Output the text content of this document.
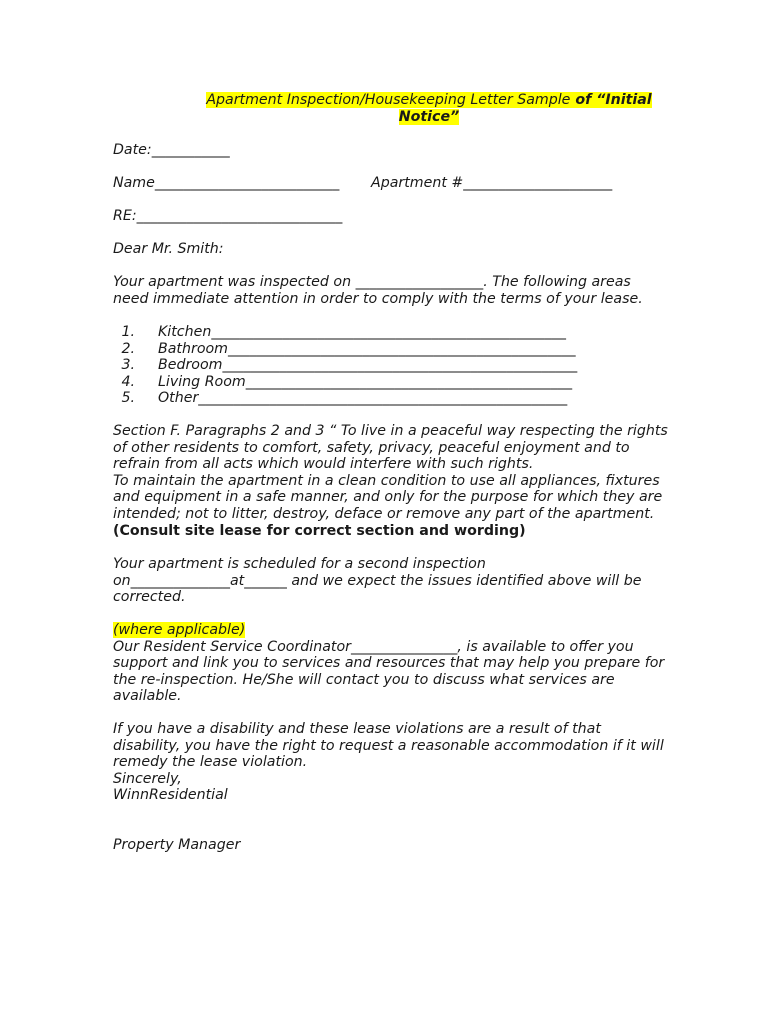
Apartment Inspection/Housekeeping Letter Sample of “Initial
Notice”
Date:___________
Name__________________________ Apartment #_____________________
RE:_____________________________
Dear Mr. Smith:
Your apartment was inspected on __________________. The following areas
need immediate attention in order to comply with the terms of your lease.
1. Kitchen__________________________________________________
2. Bathroom_________________________________________________
3. Bedroom__________________________________________________
4. Living Room______________________________________________
5. Other____________________________________________________
Section F. Paragraphs 2 and 3 “ To live in a peaceful way respecting the rights
of other residents to comfort, safety, privacy, peaceful enjoyment and to
refrain from all acts which would interfere with such rights.
To maintain the apartment in a clean condition to use all appliances, fixtures
and equipment in a safe manner, and only for the purpose for which they are
intended; not to litter, destroy, deface or remove any part of the apartment.
(Consult site lease for correct section and wording)
Your apartment is scheduled for a second inspection
on______________at______ and we expect the issues identified above will be
corrected.
(where applicable)
Our Resident Service Coordinator_______________, is available to offer you
support and link you to services and resources that may help you prepare for
the re-inspection. He/She will contact you to discuss what services are
available.
If you have a disability and these lease violations are a result of that
disability, you have the right to request a reasonable accommodation if it will
remedy the lease violation.
Sincerely,
WinnResidential
Property Manager
